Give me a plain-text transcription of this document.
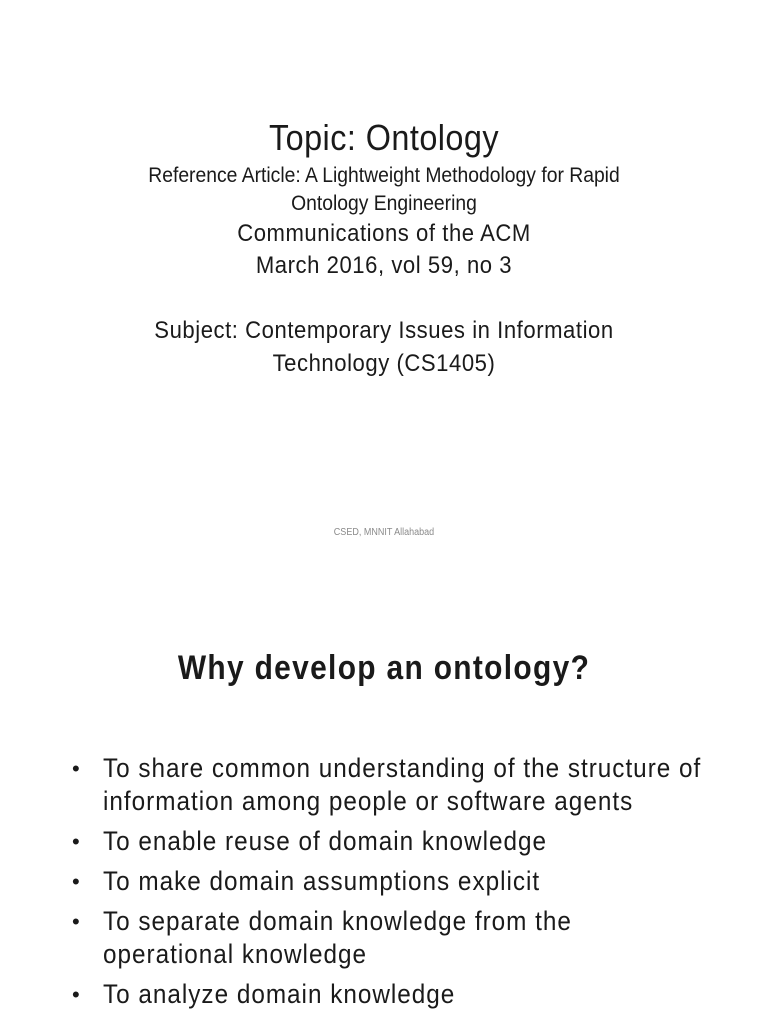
Topic: Ontology
Reference Article: A Lightweight Methodology for Rapid Ontology Engineering
Communications of the ACM
March 2016, vol 59, no 3
Subject: Contemporary Issues in Information Technology (CS1405)
CSED, MNNIT Allahabad
Why develop an ontology?
• To share common understanding of the structure of information among people or software agents
• To enable reuse of domain knowledge
• To make domain assumptions explicit
• To separate domain knowledge from the operational knowledge
• To analyze domain knowledge
